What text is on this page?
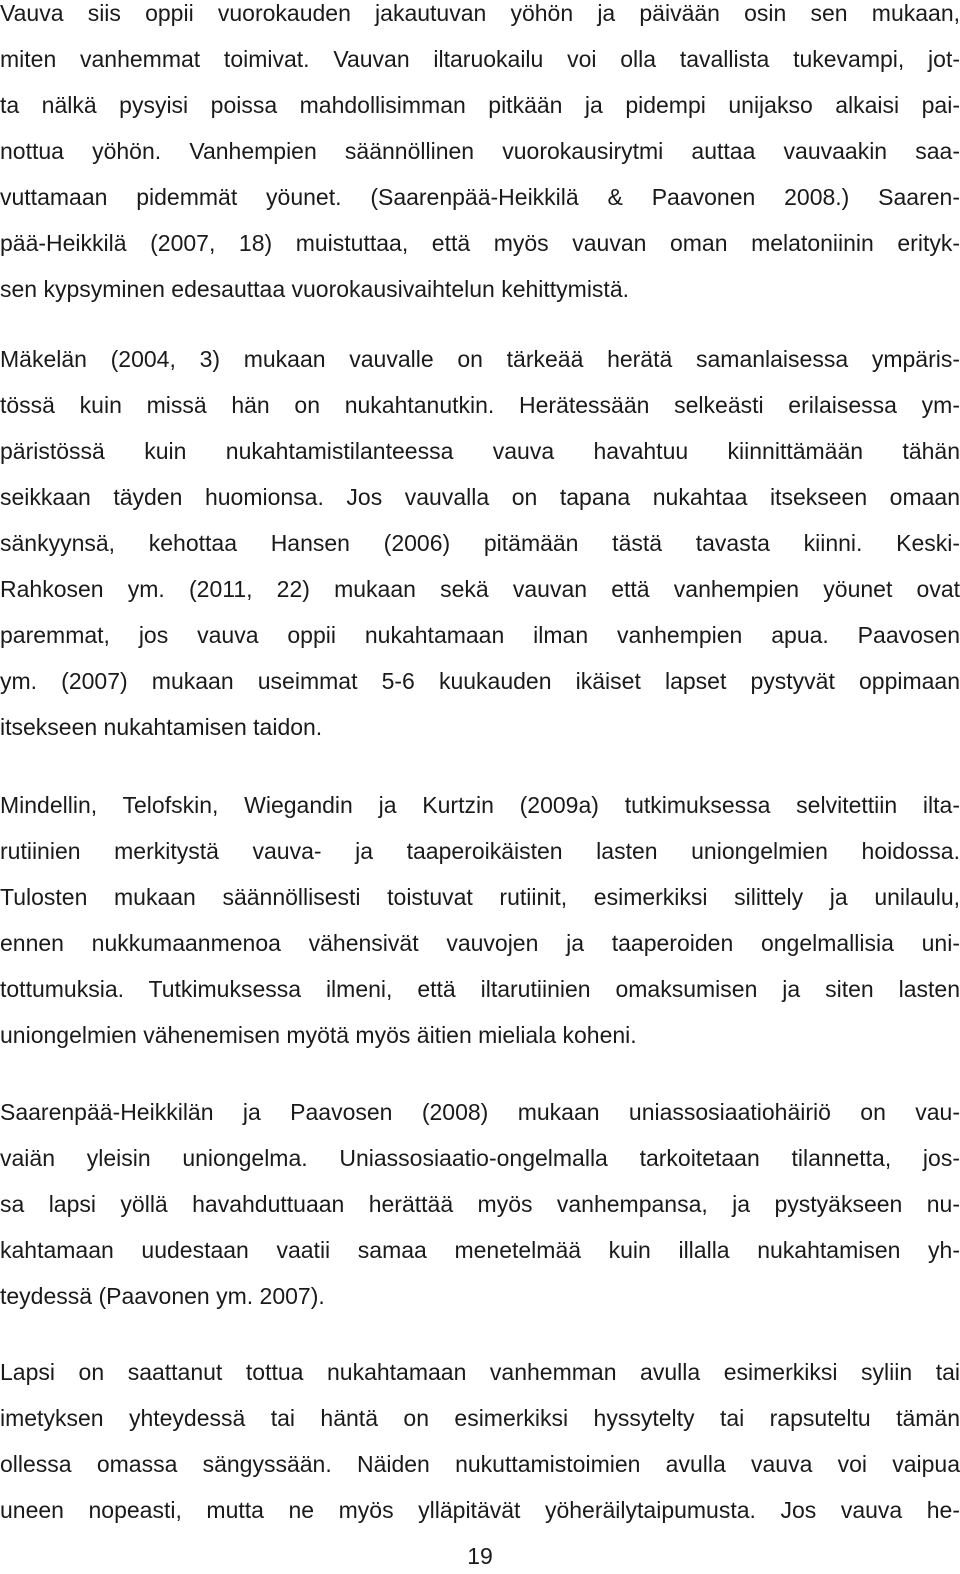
Vauva siis oppii vuorokauden jakautuvan yöhön ja päivään osin sen mukaan,
miten vanhemmat toimivat. Vauvan iltaruokailu voi olla tavallista tukevampi, jot-
ta nälkä pysyisi poissa mahdollisimman pitkään ja pidempi unijakso alkaisi pai-
nottua yöhön. Vanhempien säännöllinen vuorokausirytmi auttaa vauvaakin saa-
vuttamaan pidemmät yöunet. (Saarenpää-Heikkilä & Paavonen 2008.) Saaren-
pää-Heikkilä (2007, 18) muistuttaa, että myös vauvan oman melatoniinin erityk-
sen kypsyminen edesauttaa vuorokausivaihtelun kehittymistä.
Mäkelän (2004, 3) mukaan vauvalle on tärkeää herätä samanlaisessa ympäris-
tössä kuin missä hän on nukahtanutkin. Herätessään selkeästi erilaisessa ym-
päristössä kuin nukahtamistilanteessa vauva havahtuu kiinnittämään tähän
seikkaan täyden huomionsa. Jos vauvalla on tapana nukahtaa itsekseen omaan
sänkyynsä, kehottaa Hansen (2006) pitämään tästä tavasta kiinni. Keski-
Rahkosen ym. (2011, 22) mukaan sekä vauvan että vanhempien yöunet ovat
paremmat, jos vauva oppii nukahtamaan ilman vanhempien apua. Paavosen
ym. (2007) mukaan useimmat 5-6 kuukauden ikäiset lapset pystyvät oppimaan
itsekseen nukahtamisen taidon.
Mindellin, Telofskin, Wiegandin ja Kurtzin (2009a) tutkimuksessa selvitettiin ilta-
rutiinien merkitystä vauva- ja taaperoikäisten lasten uniongelmien hoidossa.
Tulosten mukaan säännöllisesti toistuvat rutiinit, esimerkiksi silittely ja unilaulu,
ennen nukkumaanmenoa vähensivät vauvojen ja taaperoiden ongelmallisia uni-
tottumuksia. Tutkimuksessa ilmeni, että iltarutiinien omaksumisen ja siten lasten
uniongelmien vähenemisen myötä myös äitien mieliala koheni.
Saarenpää-Heikkilän ja Paavosen (2008) mukaan uniassosiaatiohäiriö on vau-
vaiän yleisin uniongelma. Uniassosiaatio-ongelmalla tarkoitetaan tilannetta, jos-
sa lapsi yöllä havahduttuaan herättää myös vanhempansa, ja pystyäkseen nu-
kahtamaan uudestaan vaatii samaa menetelmää kuin illalla nukahtamisen yh-
teydessä (Paavonen ym. 2007).
Lapsi on saattanut tottua nukahtamaan vanhemman avulla esimerkiksi syliin tai
imetyksen yhteydessä tai häntä on esimerkiksi hyssytelty tai rapsuteltu tämän
ollessa omassa sängyssään. Näiden nukuttamistoimien avulla vauva voi vaipua
uneen nopeasti, mutta ne myös ylläpitävät yöheräilytaipumusta. Jos vauva he-
19
